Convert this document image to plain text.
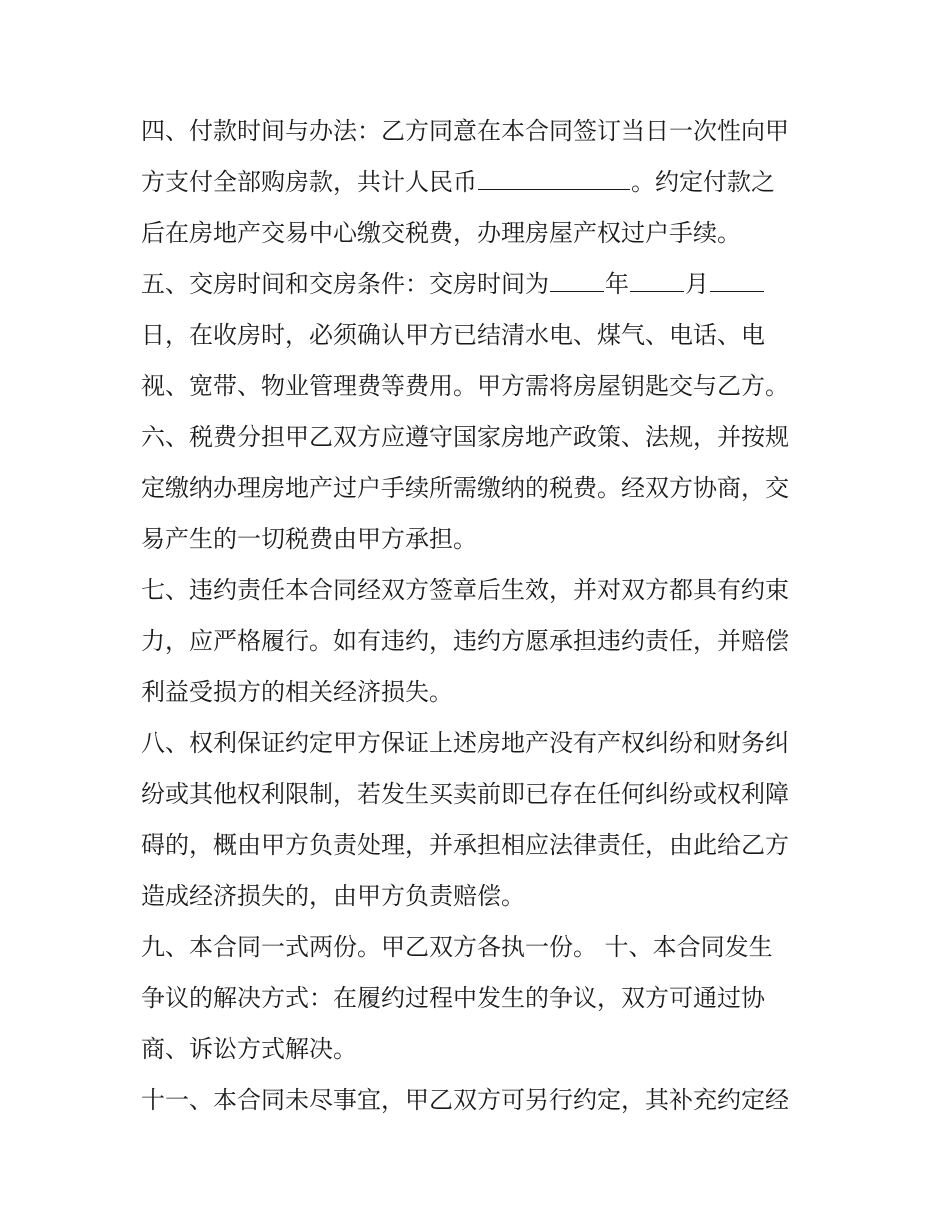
四、付款时间与办法：乙方同意在本合同签订当日一次性向甲
方支付全部购房款，共计人民币	。约定付款之
后在房地产交易中心缴交税费，办理房屋产权过户手续。
五、交房时间和交房条件：交房时间为 年 月
日，在收房时，必须确认甲方已结清水电、煤气、电话、电
视、宽带、物业管理费等费用。甲方需将房屋钥匙交与乙方。
六、税费分担甲乙双方应遵守国家房地产政策、法规，并按规
定缴纳办理房地产过户手续所需缴纳的税费。经双方协商，交
易产生的一切税费由甲方承担。
七、违约责任本合同经双方签章后生效，并对双方都具有约束
力，应严格履行。如有违约，违约方愿承担违约责任，并赔偿
利益受损方的相关经济损失。
八、权利保证约定甲方保证上述房地产没有产权纠纷和财务纠
纷或其他权利限制，若发生买卖前即已存在任何纠纷或权利障
碍的，概由甲方负责处理，并承担相应法律责任，由此给乙方
造成经济损失的，由甲方负责赔偿。
九、本合同一式两份。甲乙双方各执一份。 十、本合同发生
争议的解决方式：在履约过程中发生的争议，双方可通过协
商、诉讼方式解决。
十一、本合同未尽事宜，甲乙双方可另行约定，其补充约定经
